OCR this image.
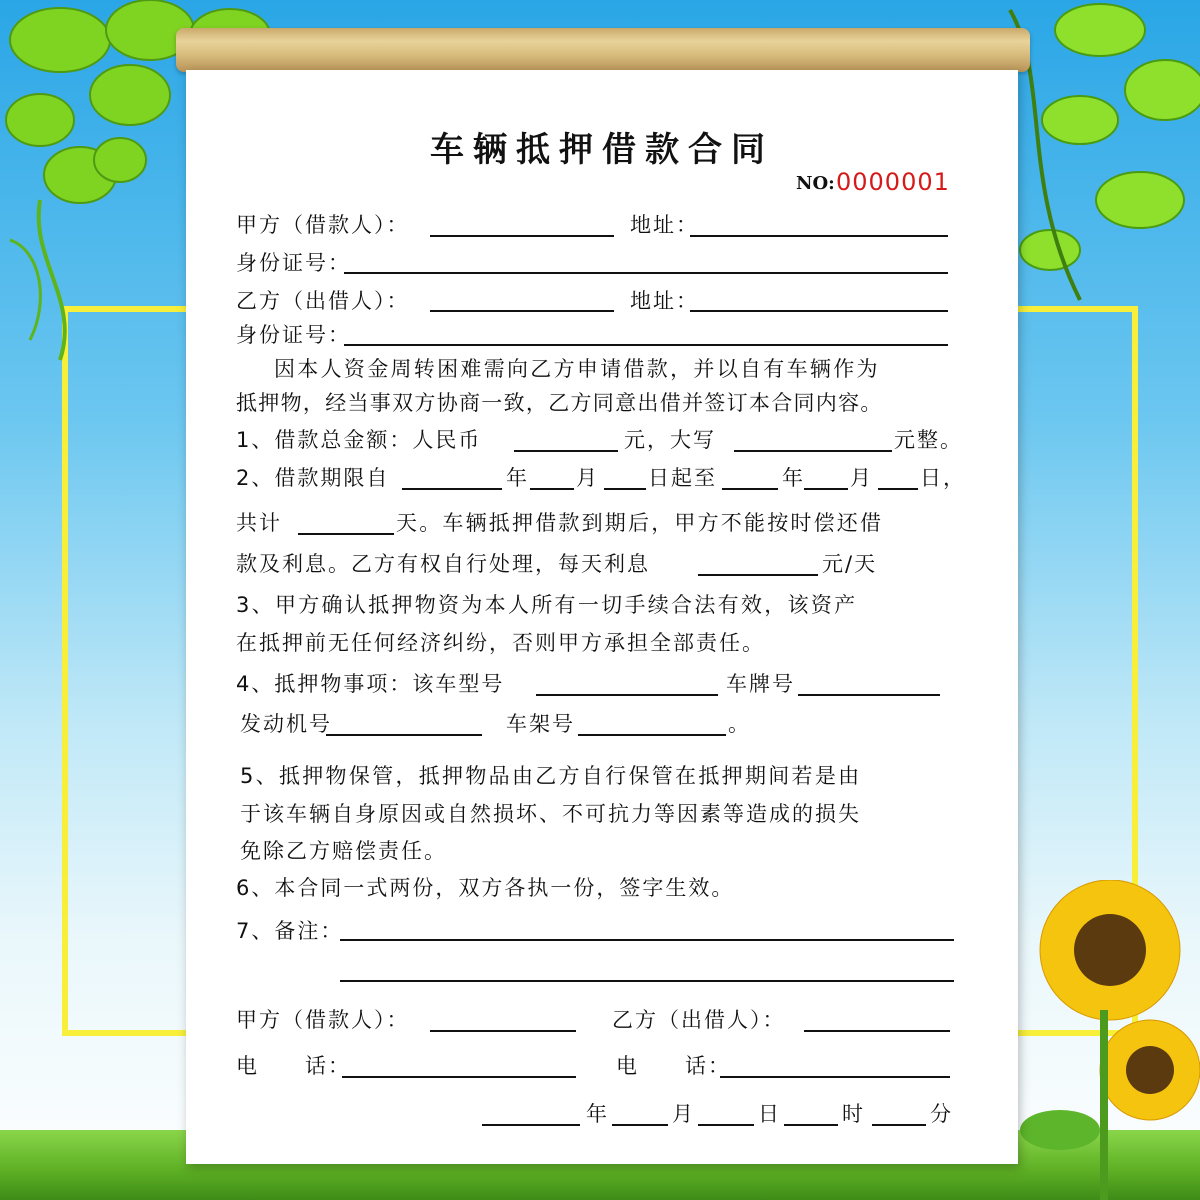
车辆抵押借款合同
NO: 0000001
甲方（借款人）：	地址：
身份证号：
乙方（出借人）：	地址：
身份证号：
因本人资金周转困难需向乙方申请借款，并以自有车辆作为
抵押物，经当事双方协商一致，乙方同意出借并签订本合同内容。
1、借款总金额：人民币	元，大写	元整。
2、借款期限自	年 月 日起至	年 月 日，
共计	天。车辆抵押借款到期后，甲方不能按时偿还借
款及利息。乙方有权自行处理，每天利息	元/天
3、甲方确认抵押物资为本人所有一切手续合法有效，该资产
在抵押前无任何经济纠纷，否则甲方承担全部责任。
4、抵押物事项：该车型号	车牌号
发动机号	车架号	。
5、抵押物保管，抵押物品由乙方自行保管在抵押期间若是由
于该车辆自身原因或自然损坏、不可抗力等因素等造成的损失
免除乙方赔偿责任。
6、本合同一式两份，双方各执一份，签字生效。
7、备注：
甲方（借款人）：	乙方（出借人）：
电　　话：	电　　话：
年	月	日	时	分
